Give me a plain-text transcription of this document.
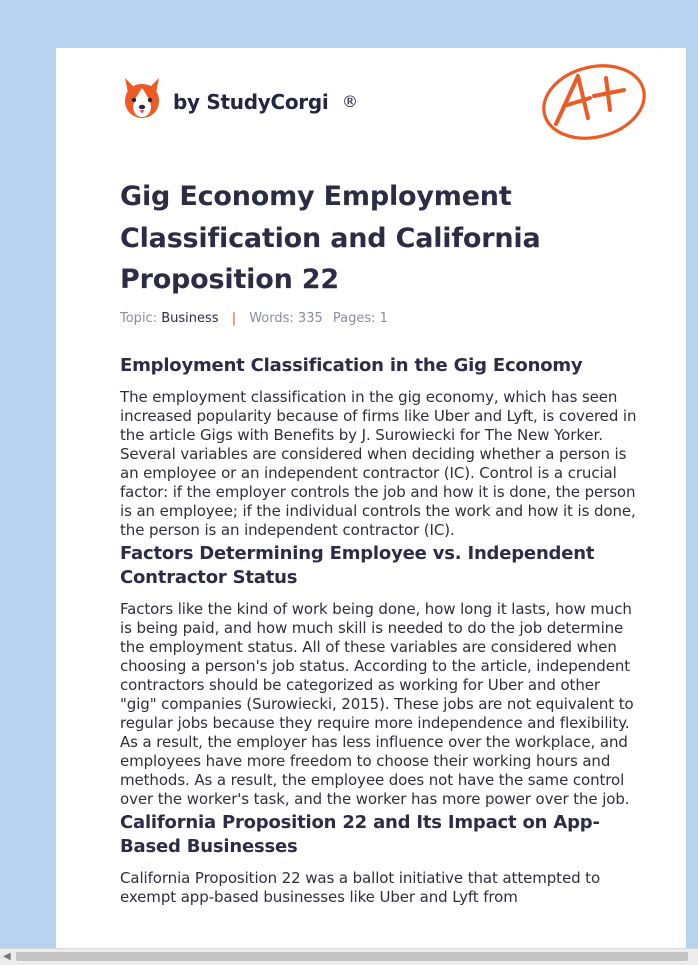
by StudyCorgi ®
Gig Economy Employment Classification and California Proposition 22
Topic: Business | Words: 335 Pages: 1
Employment Classification in the Gig Economy

The employment classification in the gig economy, which has seen increased popularity because of firms like Uber and Lyft, is covered in the article Gigs with Benefits by J. Surowiecki for The New Yorker. Several variables are considered when deciding whether a person is an employee or an independent contractor (IC). Control is a crucial factor: if the employer controls the job and how it is done, the person is an employee; if the individual controls the work and how it is done, the person is an independent contractor (IC).

Factors Determining Employee vs. Independent Contractor Status

Factors like the kind of work being done, how long it lasts, how much is being paid, and how much skill is needed to do the job determine the employment status. All of these variables are considered when choosing a person's job status. According to the article, independent contractors should be categorized as working for Uber and other "gig" companies (Surowiecki, 2015). These jobs are not equivalent to regular jobs because they require more independence and flexibility. As a result, the employer has less influence over the workplace, and employees have more freedom to choose their working hours and methods. As a result, the employee does not have the same control over the worker's task, and the worker has more power over the job.

California Proposition 22 and Its Impact on App-Based Businesses

California Proposition 22 was a ballot initiative that attempted to exempt app-based businesses like Uber and Lyft from

◀
